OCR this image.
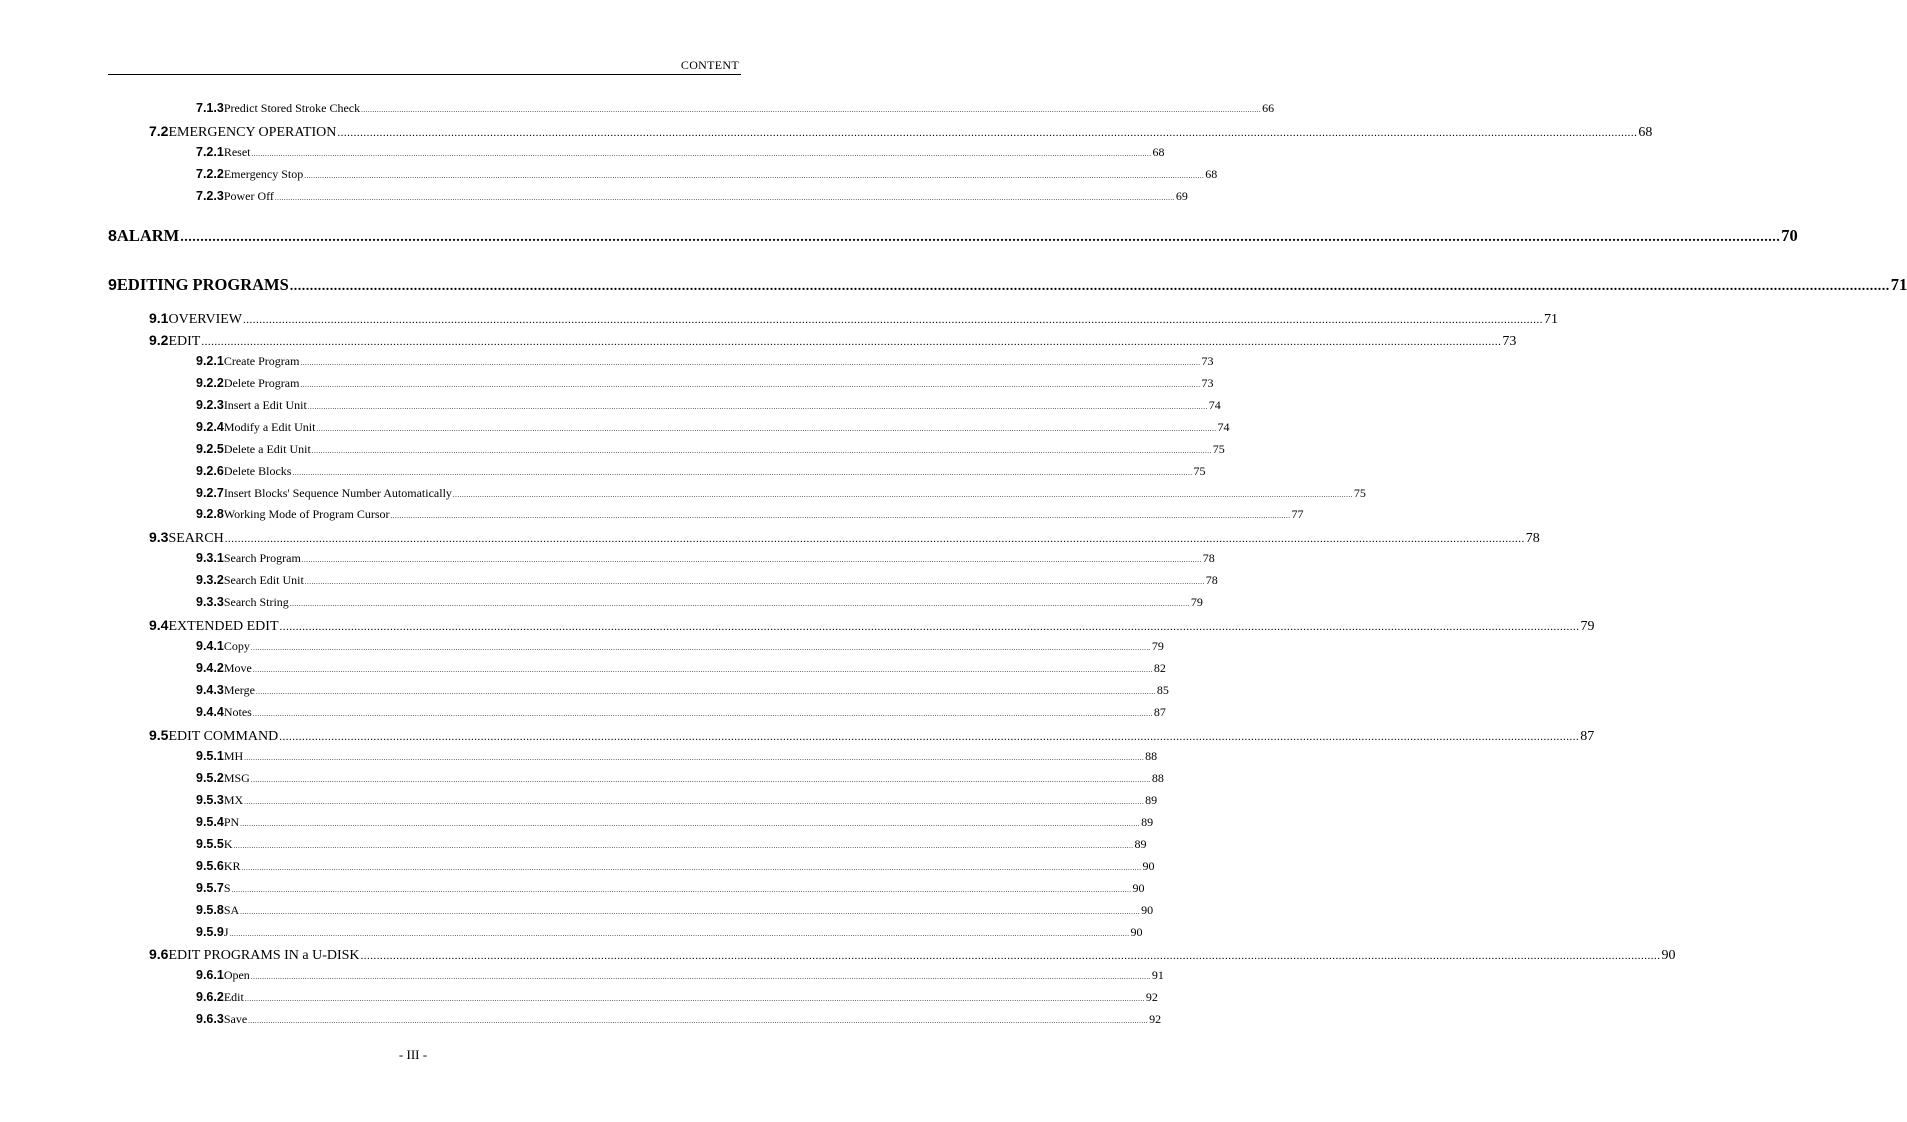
CONTENT
7.1.3 Predict Stored Stroke Check ................................................................................................................................................................................................................................................................................................................................................................................................................ 66
7.2 EMERGENCY OPERATION ................................................................................................................................................................................................................................................................................................................................................................................................................ 68
7.2.1 Reset ................................................................................................................................................................................................................................................................................................................................................................................................................ 68
7.2.2 Emergency Stop ................................................................................................................................................................................................................................................................................................................................................................................................................ 68
7.2.3 Power Off ................................................................................................................................................................................................................................................................................................................................................................................................................ 69
8 ALARM ................................................................................................................................................................................................................................................................................................................................................................................................................ 70
9 EDITING PROGRAMS ................................................................................................................................................................................................................................................................................................................................................................................................................ 71
9.1 OVERVIEW ................................................................................................................................................................................................................................................................................................................................................................................................................ 71
9.2 EDIT ................................................................................................................................................................................................................................................................................................................................................................................................................ 73
9.2.1 Create Program ................................................................................................................................................................................................................................................................................................................................................................................................................ 73
9.2.2 Delete Program ................................................................................................................................................................................................................................................................................................................................................................................................................ 73
9.2.3 Insert a Edit Unit ................................................................................................................................................................................................................................................................................................................................................................................................................ 74
9.2.4 Modify a Edit Unit ................................................................................................................................................................................................................................................................................................................................................................................................................ 74
9.2.5 Delete a Edit Unit ................................................................................................................................................................................................................................................................................................................................................................................................................ 75
9.2.6 Delete Blocks ................................................................................................................................................................................................................................................................................................................................................................................................................ 75
9.2.7 Insert Blocks' Sequence Number Automatically ................................................................................................................................................................................................................................................................................................................................................................................................................ 75
9.2.8 Working Mode of Program Cursor ................................................................................................................................................................................................................................................................................................................................................................................................................ 77
9.3 SEARCH ................................................................................................................................................................................................................................................................................................................................................................................................................ 78
9.3.1 Search Program ................................................................................................................................................................................................................................................................................................................................................................................................................ 78
9.3.2 Search Edit Unit ................................................................................................................................................................................................................................................................................................................................................................................................................ 78
9.3.3 Search String ................................................................................................................................................................................................................................................................................................................................................................................................................ 79
9.4 EXTENDED EDIT ................................................................................................................................................................................................................................................................................................................................................................................................................ 79
9.4.1 Copy ................................................................................................................................................................................................................................................................................................................................................................................................................ 79
9.4.2 Move ................................................................................................................................................................................................................................................................................................................................................................................................................ 82
9.4.3 Merge ................................................................................................................................................................................................................................................................................................................................................................................................................ 85
9.4.4 Notes ................................................................................................................................................................................................................................................................................................................................................................................................................ 87
9.5 EDIT COMMAND ................................................................................................................................................................................................................................................................................................................................................................................................................ 87
9.5.1 MH ................................................................................................................................................................................................................................................................................................................................................................................................................ 88
9.5.2 MSG ................................................................................................................................................................................................................................................................................................................................................................................................................ 88
9.5.3 MX ................................................................................................................................................................................................................................................................................................................................................................................................................ 89
9.5.4 PN ................................................................................................................................................................................................................................................................................................................................................................................................................ 89
9.5.5 K ................................................................................................................................................................................................................................................................................................................................................................................................................ 89
9.5.6 KR ................................................................................................................................................................................................................................................................................................................................................................................................................ 90
9.5.7 S ................................................................................................................................................................................................................................................................................................................................................................................................................ 90
9.5.8 SA ................................................................................................................................................................................................................................................................................................................................................................................................................ 90
9.5.9 J ................................................................................................................................................................................................................................................................................................................................................................................................................ 90
9.6 EDIT PROGRAMS IN a U-DISK ................................................................................................................................................................................................................................................................................................................................................................................................................ 90
9.6.1 Open ................................................................................................................................................................................................................................................................................................................................................................................................................ 91
9.6.2 Edit ................................................................................................................................................................................................................................................................................................................................................................................................................ 92
9.6.3 Save ................................................................................................................................................................................................................................................................................................................................................................................................................ 92
- III -
